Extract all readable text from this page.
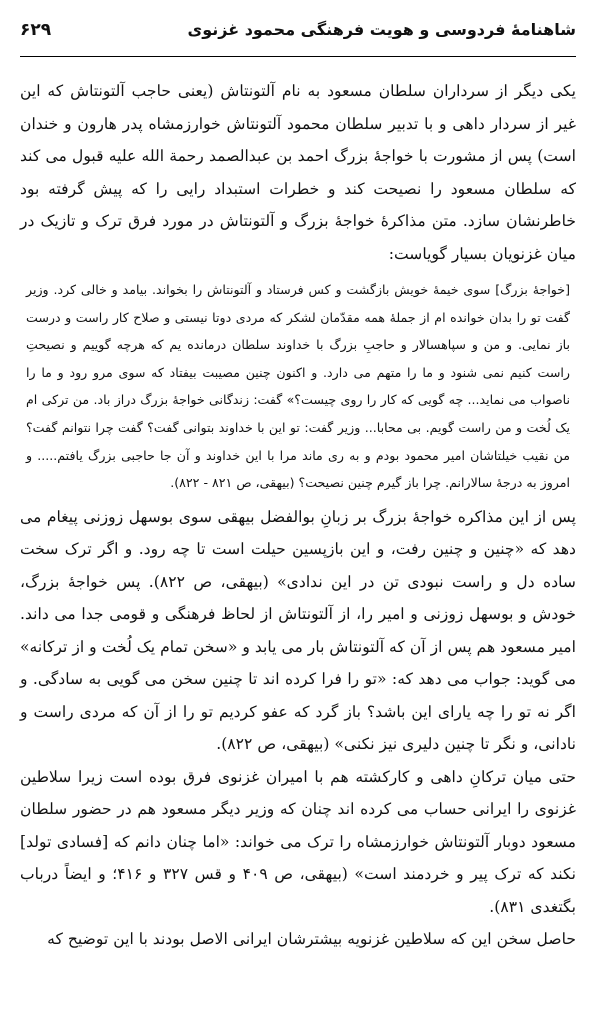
شاهنامهٔ فردوسی و هویت فرهنگی محمود غزنوی
۶۲۹

یکی دیگر از سرداران سلطان مسعود به نام آلتونتاش (یعنی حاجب آلتونتاش که این غیر از سردار داهی و با تدبیر سلطان محمود آلتونتاش خوارزمشاه پدر هارون و خندان است) پس از مشورت با خواجهٔ بزرگ احمد بن عبدالصمد رحمة الله علیه قبول می کند که سلطان مسعود را نصیحت کند و خطرات استبداد رایی را که پیش گرفته بود خاطرنشان سازد. متن مذاکرهٔ خواجهٔ بزرگ و آلتونتاش در مورد فرق ترک و تازیک در میان غزنویان بسیار گویاست:

[خواجهٔ بزرگ] سوی خیمهٔ خویش بازگشت و کس فرستاد و آلتونتاش را بخواند. بیامد و خالی کرد. وزیر گفت تو را بدان خوانده ام از جملهٔ همه مقدّمان لشکر که مردی دوتا نیستی و صلاح کار راست و درست باز نمایی. و من و سپاهسالار و حاجبِ بزرگ با خداوند سلطان درمانده یم که هرچه گوییم و نصیحتِ راست کنیم نمی شنود و ما را متهم می دارد. و اکنون چنین مصیبت بیفتاد که سوی مرو رود و ما را ناصواب می نماید... چه گویی که کار را روی چیست؟» گفت: زندگانی خواجهٔ بزرگ دراز باد. من ترکی ام یک لُخت و من راست گویم. بی محابا... وزیر گفت: تو این با خداوند بتوانی گفت؟ گفت چرا نتوانم گفت؟ من نقیب خیلتاشان امیر محمود بودم و به ری ماند مرا با این خداوند و آن جا حاجبی بزرگ یافتم..... و امروز به درجهٔ سالارانم. چرا باز گیرم چنین نصیحت؟ (بیهقی، ص ۸۲۱ - ۸۲۲).

پس از این مذاکره خواجهٔ بزرگ بر زبانِ بوالفضل بیهقی سوی بوسهل زوزنی پیغام می دهد که «چنین و چنین رفت، و این بازپسین حیلت است تا چه رود. و اگر ترک سخت ساده دل و راست نبودی تن در این ندادی» (بیهقی، ص ۸۲۲). پس خواجهٔ بزرگ، خودش و بوسهل زوزنی و امیر را، از آلتونتاش از لحاظ فرهنگی و قومی جدا می داند. امیر مسعود هم پس از آن که آلتونتاش بار می یابد و «سخن تمام یک لُخت و از ترکانه» می گوید: جواب می دهد که: «تو را فرا کرده اند تا چنین سخن می گویی به سادگی. و اگر نه تو را چه یارای این باشد؟ باز گرد که عفو کردیم تو را از آن که مردی راست و نادانی، و نگر تا چنین دلیری نیز نکنی» (بیهقی، ص ۸۲۲).

حتی میان ترکانِ داهی و کارکشته هم با امیران غزنوی فرق بوده است زیرا سلاطین غزنوی را ایرانی حساب می کرده اند چنان که وزیر دیگر مسعود هم در حضور سلطان مسعود دوبار آلتونتاش خوارزمشاه را ترک می خواند: «اما چنان دانم که [فسادی تولد] نکند که ترک پیر و خردمند است» (بیهقی، ص ۴۰۹ و قس ۳۲۷ و ۴۱۶؛ و ایضاً درباب بگتغدی ۸۳۱).

حاصل سخن این که سلاطین غزنویه بیشترشان ایرانی الاصل بودند با این توضیح که
